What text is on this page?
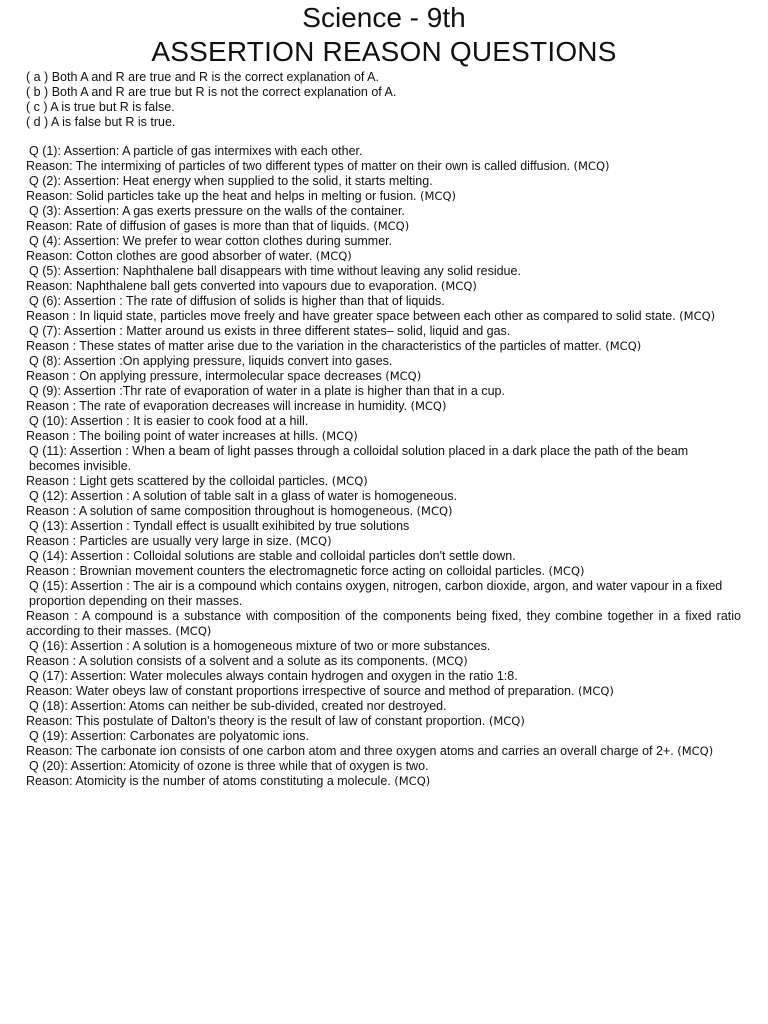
Science - 9th
ASSERTION REASON QUESTIONS
( a ) Both A and R are true and R is the correct explanation of A.
( b ) Both A and R are true but R is not the correct explanation of A.
( c ) A is true but R is false.
( d ) A is false but R is true.
Q (1): Assertion: A particle of gas intermixes with each other.
Reason: The intermixing of particles of two different types of matter on their own is called diffusion. (MCQ)
Q (2): Assertion: Heat energy when supplied to the solid, it starts melting.
Reason: Solid particles take up the heat and helps in melting or fusion. (MCQ)
Q (3): Assertion: A gas exerts pressure on the walls of the container.
Reason: Rate of diffusion of gases is more than that of liquids. (MCQ)
Q (4): Assertion: We prefer to wear cotton clothes during summer.
Reason: Cotton clothes are good absorber of water. (MCQ)
Q (5): Assertion: Naphthalene ball disappears with time without leaving any solid residue.
Reason: Naphthalene ball gets converted into vapours due to evaporation. (MCQ)
Q (6): Assertion : The rate of diffusion of solids is higher than that of liquids.
Reason : In liquid state, particles move freely and have greater space between each other as compared to solid state. (MCQ)
Q (7): Assertion : Matter around us exists in three different states– solid, liquid and gas.
Reason : These states of matter arise due to the variation in the characteristics of the particles of matter. (MCQ)
Q (8): Assertion :On applying pressure, liquids convert into gases.
Reason : On applying pressure, intermolecular space decreases (MCQ)
Q (9): Assertion :Thr rate of evaporation of water in a plate is higher than that in a cup.
Reason : The rate of evaporation decreases will increase in humidity. (MCQ)
Q (10): Assertion : It is easier to cook food at a hill.
Reason : The boiling point of water increases at hills. (MCQ)
Q (11): Assertion : When a beam of light passes through a colloidal solution placed in a dark place the path of the beam becomes invisible.
Reason : Light gets scattered by the colloidal particles. (MCQ)
Q (12): Assertion : A solution of table salt in a glass of water is homogeneous.
Reason : A solution of same composition throughout is homogeneous. (MCQ)
Q (13): Assertion : Tyndall effect is usuallt exihibited by true solutions
Reason : Particles are usually very large in size. (MCQ)
Q (14): Assertion : Colloidal solutions are stable and colloidal particles don't settle down.
Reason : Brownian movement counters the electromagnetic force acting on colloidal particles. (MCQ)
Q (15): Assertion : The air is a compound which contains oxygen, nitrogen, carbon dioxide, argon, and water vapour in a fixed proportion depending on their masses.
Reason : A compound is a substance with composition of the components being fixed, they combine together in a fixed ratio according to their masses. (MCQ)
Q (16): Assertion : A solution is a homogeneous mixture of two or more substances.
Reason : A solution consists of a solvent and a solute as its components. (MCQ)
Q (17): Assertion: Water molecules always contain hydrogen and oxygen in the ratio 1:8.
Reason: Water obeys law of constant proportions irrespective of source and method of preparation. (MCQ)
Q (18): Assertion: Atoms can neither be sub-divided, created nor destroyed.
Reason: This postulate of Dalton's theory is the result of law of constant proportion. (MCQ)
Q (19): Assertion: Carbonates are polyatomic ions.
Reason: The carbonate ion consists of one carbon atom and three oxygen atoms and carries an overall charge of 2+. (MCQ)
Q (20): Assertion: Atomicity of ozone is three while that of oxygen is two.
Reason: Atomicity is the number of atoms constituting a molecule. (MCQ)
